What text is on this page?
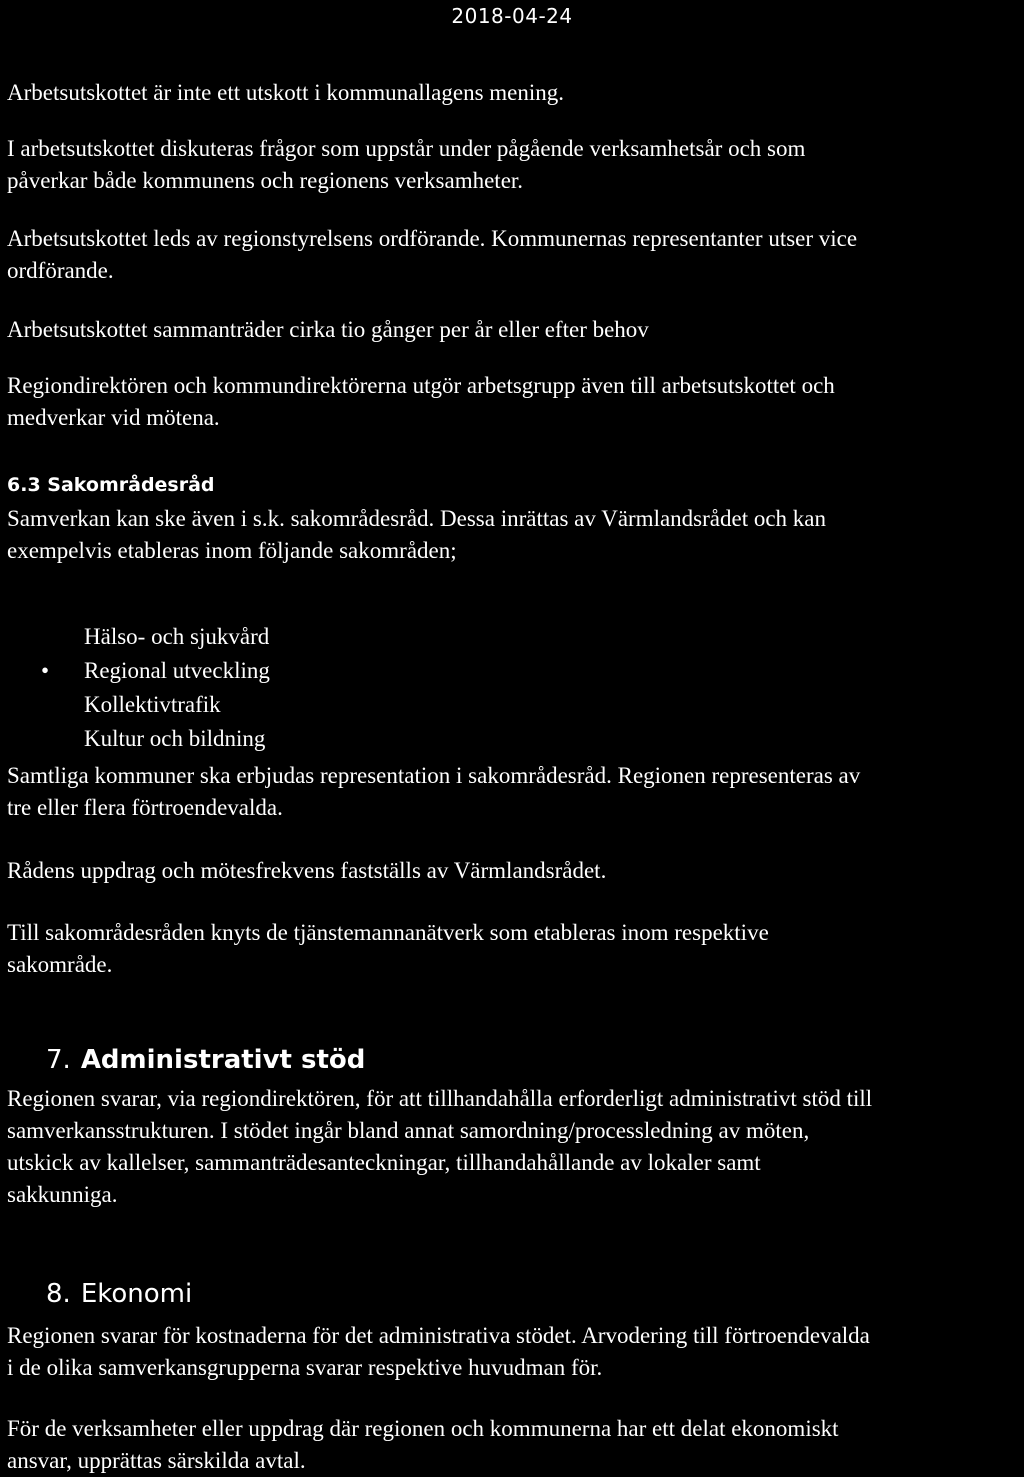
2018-04-24

Arbetsutskottet är inte ett utskott i kommunallagens mening.

I arbetsutskottet diskuteras frågor som uppstår under pågående verksamhetsår och som
påverkar både kommunens och regionens verksamheter.

Arbetsutskottet leds av regionstyrelsens ordförande. Kommunernas representanter utser vice
ordförande.

Arbetsutskottet sammanträder cirka tio gånger per år eller efter behov

Regiondirektören och kommundirektörerna utgör arbetsgrupp även till arbetsutskottet och
medverkar vid mötena.

6.3 Sakområdesråd

Samverkan kan ske även i s.k. sakområdesråd. Dessa inrättas av Värmlandsrådet och kan
exempelvis etableras inom följande sakområden;

Hälso- och sjukvård
• Regional utveckling
Kollektivtrafik
Kultur och bildning

Samtliga kommuner ska erbjudas representation i sakområdesråd. Regionen representeras av
tre eller flera förtroendevalda.

Rådens uppdrag och mötesfrekvens fastställs av Värmlandsrådet.

Till sakområdesråden knyts de tjänstemannanätverk som etableras inom respektive
sakområde.

7. Administrativt stöd

Regionen svarar, via regiondirektören, för att tillhandahålla erforderligt administrativt stöd till
samverkansstrukturen. I stödet ingår bland annat samordning/processledning av möten,
utskick av kallelser, sammanträdesanteckningar, tillhandahållande av lokaler samt
sakkunniga.

8. Ekonomi

Regionen svarar för kostnaderna för det administrativa stödet. Arvodering till förtroendevalda
i de olika samverkansgrupperna svarar respektive huvudman för.

För de verksamheter eller uppdrag där regionen och kommunerna har ett delat ekonomiskt
ansvar, upprättas särskilda avtal.
